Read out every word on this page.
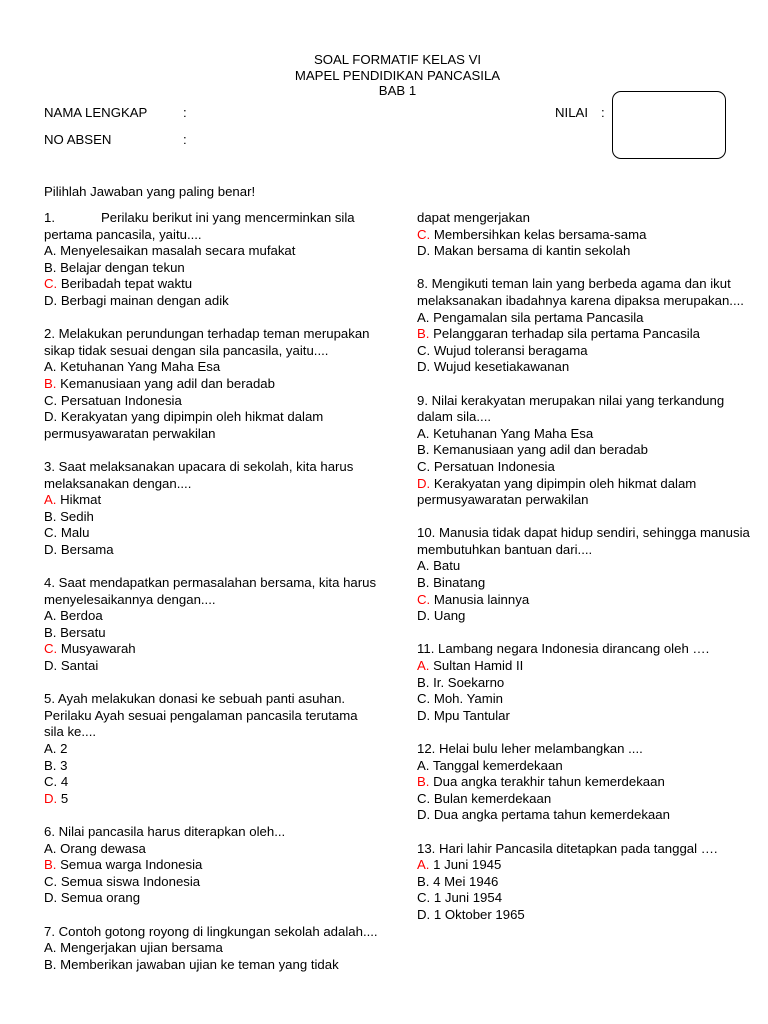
SOAL FORMATIF KELAS VI
MAPEL PENDIDIKAN PANCASILA
BAB 1
NAMA LENGKAP	:
NO ABSEN	:
NILAI :
Pilihlah Jawaban yang paling benar!
1.	Perilaku berikut ini yang mencerminkan sila
pertama pancasila, yaitu....
A. Menyelesaikan masalah secara mufakat
B. Belajar dengan tekun
C. Beribadah tepat waktu
D. Berbagi mainan dengan adik
2. Melakukan perundungan terhadap teman merupakan sikap tidak sesuai dengan sila pancasila, yaitu....
A. Ketuhanan Yang Maha Esa
B. Kemanusiaan yang adil dan beradab
C. Persatuan Indonesia
D. Kerakyatan yang dipimpin oleh hikmat dalam permusyawaratan perwakilan
3. Saat melaksanakan upacara di sekolah, kita harus melaksanakan dengan....
A. Hikmat
B. Sedih
C. Malu
D. Bersama
4. Saat mendapatkan permasalahan bersama, kita harus menyelesaikannya dengan....
A. Berdoa
B. Bersatu
C. Musyawarah
D. Santai
5. Ayah melakukan donasi ke sebuah panti asuhan. Perilaku Ayah sesuai pengalaman pancasila terutama sila ke....
A. 2
B. 3
C. 4
D. 5
6. Nilai pancasila harus diterapkan oleh...
A. Orang dewasa
B. Semua warga Indonesia
C. Semua siswa Indonesia
D. Semua orang
7. Contoh gotong royong di lingkungan sekolah adalah....
A. Mengerjakan ujian bersama
B. Memberikan jawaban ujian ke teman yang tidak
dapat mengerjakan
C. Membersihkan kelas bersama-sama
D. Makan bersama di kantin sekolah
8. Mengikuti teman lain yang berbeda agama dan ikut melaksanakan ibadahnya karena dipaksa merupakan....
A. Pengamalan sila pertama Pancasila
B. Pelanggaran terhadap sila pertama Pancasila
C. Wujud toleransi beragama
D. Wujud kesetiakawanan
9. Nilai kerakyatan merupakan nilai yang terkandung dalam sila....
A. Ketuhanan Yang Maha Esa
B. Kemanusiaan yang adil dan beradab
C. Persatuan Indonesia
D. Kerakyatan yang dipimpin oleh hikmat dalam permusyawaratan perwakilan
10. Manusia tidak dapat hidup sendiri, sehingga manusia membutuhkan bantuan dari....
A. Batu
B. Binatang
C. Manusia lainnya
D. Uang
11. Lambang negara Indonesia dirancang oleh ….
A. Sultan Hamid II
B. Ir. Soekarno
C. Moh. Yamin
D. Mpu Tantular
12. Helai bulu leher melambangkan ....
A. Tanggal kemerdekaan
B. Dua angka terakhir tahun kemerdekaan
C. Bulan kemerdekaan
D. Dua angka pertama tahun kemerdekaan
13. Hari lahir Pancasila ditetapkan pada tanggal ….
A. 1 Juni 1945
B. 4 Mei 1946
C. 1 Juni 1954
D. 1 Oktober 1965
